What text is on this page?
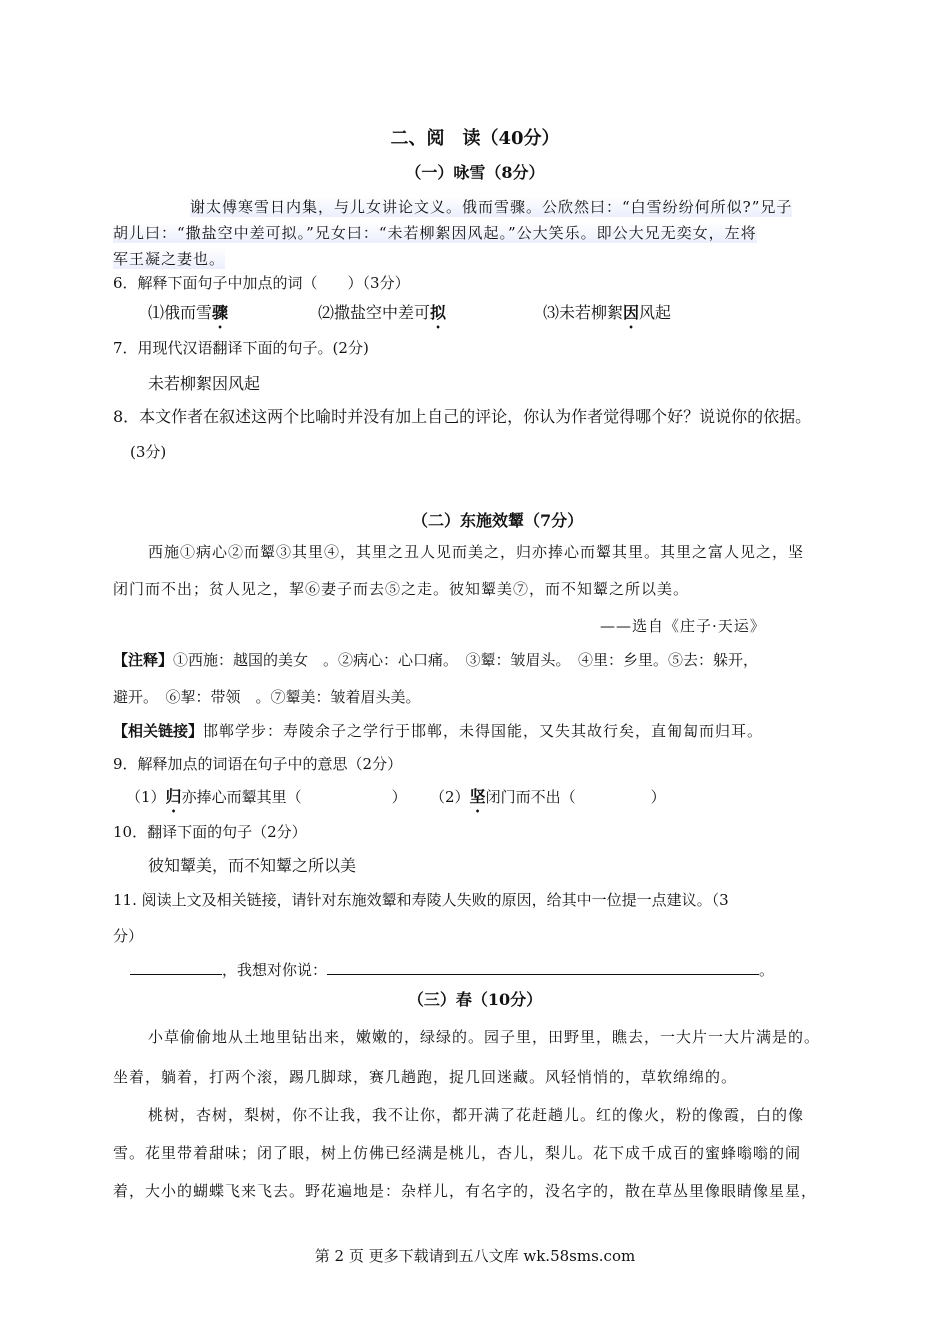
二、阅　读（40分）
（一）咏雪（8分）
谢太傅寒雪日内集，与儿女讲论文义。俄而雪骤。公欣然曰：“白雪纷纷何所似?”兄子
胡儿曰：“撒盐空中差可拟。”兄女曰：“未若柳絮因风起。”公大笑乐。即公大兄无奕女，左将
军王凝之妻也。
6．解释下面句子中加点的词（　　）（3分）
⑴俄而雪骤	⑵撒盐空中差可拟	⑶未若柳絮因风起
7．用现代汉语翻译下面的句子。(2分)
未若柳絮因风起
8．本文作者在叙述这两个比喻时并没有加上自己的评论，你认为作者觉得哪个好？说说你的依据。
(3分)
（二）东施效颦（7分）
西施①病心②而颦③其里④，其里之丑人见而美之，归亦捧心而颦其里。其里之富人见之，坚
闭门而不出；贫人见之，挈⑥妻子而去⑤之走。彼知颦美⑦，而不知颦之所以美。
——选自《庄子·天运》
【注释】①西施：越国的美女　。②病心：心口痛。　③颦：皱眉头。　④里：乡里。⑤去：躲开，
避开。　⑥挈：带领　。⑦颦美：皱着眉头美。
【相关链接】邯郸学步：寿陵余子之学行于邯郸，未得国能，又失其故行矣，直匍匐而归耳。
9．解释加点的词语在句子中的意思（2分）
（1）归亦捧心而颦其里（　　　　　　） （2）坚闭门而不出（　　　　　）
10．翻译下面的句子（2分）
彼知颦美，而不知颦之所以美
11. 阅读上文及相关链接，请针对东施效颦和寿陵人失败的原因，给其中一位提一点建议。（3
分）
，我想对你说：	。
（三）春（10分）
小草偷偷地从土地里钻出来，嫩嫩的，绿绿的。园子里，田野里，瞧去，一大片一大片满是的。
坐着，躺着，打两个滚，踢几脚球，赛几趟跑，捉几回迷藏。风轻悄悄的，草软绵绵的。
桃树，杏树，梨树，你不让我，我不让你，都开满了花赶趟儿。红的像火，粉的像霞，白的像
雪。花里带着甜味；闭了眼，树上仿佛已经满是桃儿，杏儿，梨儿。花下成千成百的蜜蜂嗡嗡的闹
着，大小的蝴蝶飞来飞去。野花遍地是：杂样儿，有名字的，没名字的，散在草丛里像眼睛像星星，
第 2 页 更多下载请到五八文库 wk.58sms.com
